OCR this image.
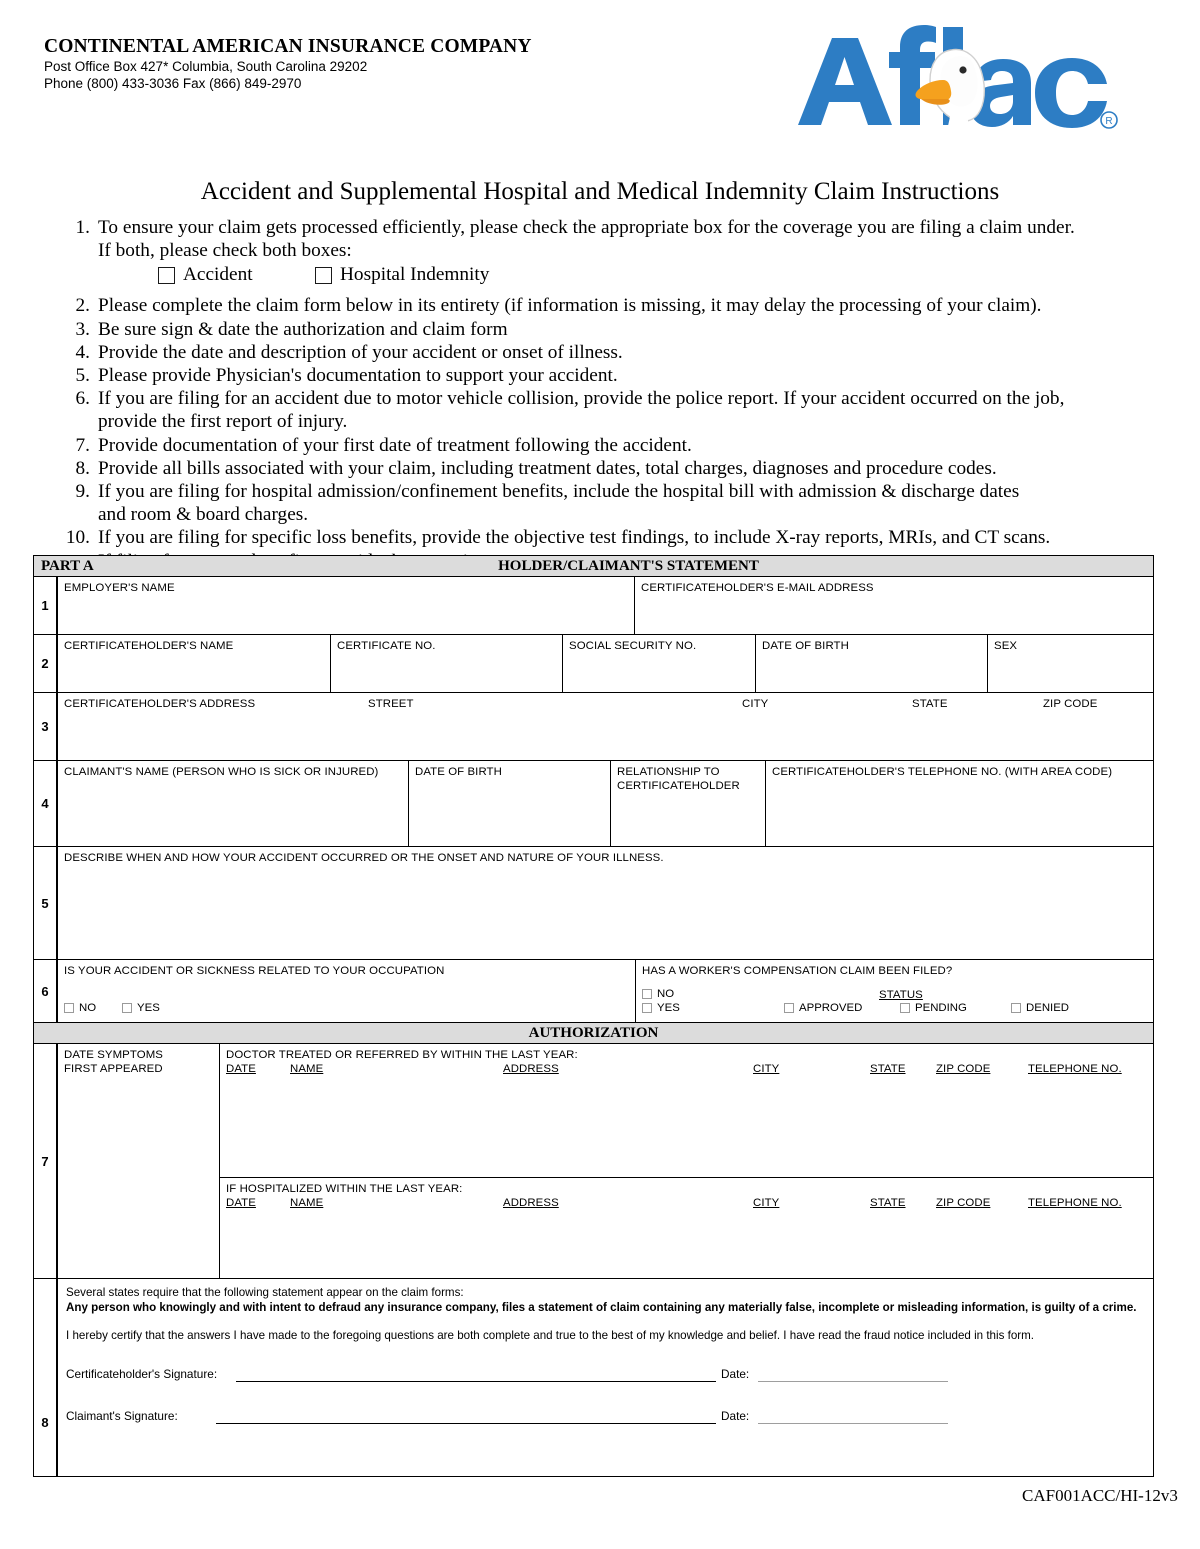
CONTINENTAL AMERICAN INSURANCE COMPANY
Post Office Box 427* Columbia, South Carolina 29202
Phone (800) 433-3036 Fax (866) 849-2970
R
Accident and Supplemental Hospital and Medical Indemnity Claim Instructions
1. To ensure your claim gets processed efficiently, please check the appropriate box for the coverage you are filing a claim under.
If both, please check both boxes:
Accident	Hospital Indemnity
2. Please complete the claim form below in its entirety (if information is missing, it may delay the processing of your claim).
3. Be sure sign & date the authorization and claim form
4. Provide the date and description of your accident or onset of illness.
5. Please provide Physician's documentation to support your accident.
6. If you are filing for an accident due to motor vehicle collision, provide the police report. If your accident occurred on the job,
provide the first report of injury.
7. Provide documentation of your first date of treatment following the accident.
8. Provide all bills associated with your claim, including treatment dates, total charges, diagnoses and procedure codes.
9. If you are filing for hospital admission/confinement benefits, include the hospital bill with admission & discharge dates
and room & board charges.
10. If you are filing for specific loss benefits, provide the objective test findings, to include X-ray reports, MRIs, and CT scans.
PART A	HOLDER/CLAIMANT'S STATEMENT
1
EMPLOYER'S NAME	CERTIFICATEHOLDER'S E-MAIL ADDRESS
2
CERTIFICATEHOLDER'S NAME	CERTIFICATE NO.	SOCIAL SECURITY NO.	DATE OF BIRTH	SEX
3
CERTIFICATEHOLDER'S ADDRESS	STREET	CITY	STATE	ZIP CODE
4
CLAIMANT'S NAME (PERSON WHO IS SICK OR INJURED)	DATE OF BIRTH	RELATIONSHIP TO
CERTIFICATEHOLDER
CERTIFICATEHOLDER'S TELEPHONE NO. (WITH AREA CODE)
5
DESCRIBE WHEN AND HOW YOUR ACCIDENT OCCURRED OR THE ONSET AND NATURE OF YOUR ILLNESS.
6
IS YOUR ACCIDENT OR SICKNESS RELATED TO YOUR OCCUPATION
NO	YES
HAS A WORKER'S COMPENSATION CLAIM BEEN FILED?
NO
YES
STATUS
APPROVED	PENDING	DENIED
AUTHORIZATION
7
DATE SYMPTOMS
FIRST APPEARED
DOCTOR TREATED OR REFERRED BY WITHIN THE LAST YEAR:
DATE	NAME	ADDRESS	CITY	STATE	ZIP CODE	TELEPHONE NO.
IF HOSPITALIZED WITHIN THE LAST YEAR:
DATE	NAME	ADDRESS	CITY	STATE	ZIP CODE	TELEPHONE NO.
8
Several states require that the following statement appear on the claim forms:
Any person who knowingly and with intent to defraud any insurance company, files a statement of claim containing any materially false, incomplete or misleading information, is guilty of a crime.
I hereby certify that the answers I have made to the foregoing questions are both complete and true to the best of my knowledge and belief. I have read the fraud notice included in this form.
Certificateholder's Signature:	Date:
Claimant's Signature:	Date:
CAF001ACC/HI-12v3
